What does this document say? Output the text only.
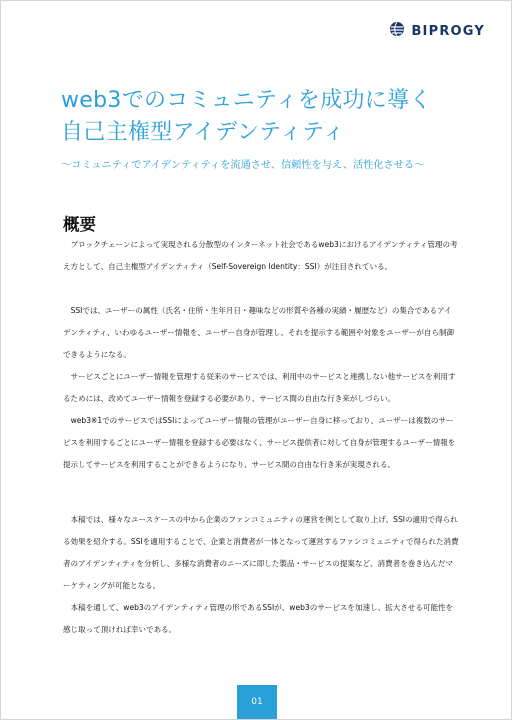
BIPROGY
web3でのコミュニティを成功に導く
自己主権型アイデンティティ
～コミュニティでアイデンティティを流通させ、信頼性を与え、活性化させる～
概要

ブロックチェーンによって実現される分散型のインターネット社会であるweb3におけるアイデンティティ管理の考え方として、自己主権型アイデンティティ（Self-Sovereign Identity：SSI）が注目されている。

SSIでは、ユーザーの属性（氏名・住所・生年月日・趣味などの形質や各種の実績・履歴など）の集合であるアイデンティティ、いわゆるユーザー情報を、ユーザー自身が管理し、それを提示する範囲や対象をユーザーが自ら制御できるようになる。

サービスごとにユーザー情報を管理する従来のサービスでは、利用中のサービスと連携しない他サービスを利用するためには、改めてユーザー情報を登録する必要があり、サービス間の自由な行き来がしづらい。

web3※1でのサービスではSSIによってユーザー情報の管理がユーザー自身に移っており、ユーザーは複数のサービスを利用するごとにユーザー情報を登録する必要はなく、サービス提供者に対して自身が管理するユーザー情報を提示してサービスを利用することができるようになり、サービス間の自由な行き来が実現される。

本稿では、様々なユースケースの中から企業のファンコミュニティの運営を例として取り上げ、SSIの適用で得られる効果を紹介する。SSIを適用することで、企業と消費者が一体となって運営するファンコミュニティで得られた消費者のアイデンティティを分析し、多様な消費者のニーズに即した製品・サービスの提案など、消費者を巻き込んだマーケティングが可能となる。

本稿を通して、web3のアイデンティティ管理の形であるSSIが、web3のサービスを加速し、拡大させる可能性を感じ取って頂ければ幸いである。

01
